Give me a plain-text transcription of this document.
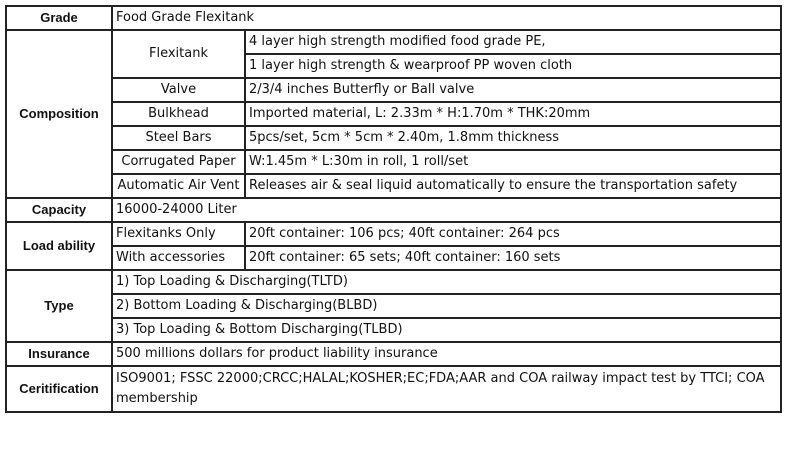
Grade	Food Grade Flexitank	
Composition	Flexitank	4 layer high strength modified food grade PE,
		1 layer high strength & wearproof PP woven cloth
	Valve	2/3/4 inches Butterfly or Ball valve
	Bulkhead	Imported material, L: 2.33m * H:1.70m * THK:20mm
	Steel Bars	5pcs/set, 5cm * 5cm * 2.40m, 1.8mm thickness
	Corrugated Paper	W:1.45m * L:30m in roll, 1 roll/set
	Automatic Air Vent	Releases air & seal liquid automatically to ensure the transportation safety
Capacity	16000-24000 Liter	
Load ability	Flexitanks Only	20ft container: 106 pcs; 40ft container: 264 pcs
	With accessories	20ft container: 65 sets; 40ft container: 160 sets
Type	1) Top Loading & Discharging(TLTD)	
	2) Bottom Loading & Discharging(BLBD)	
	3) Top Loading & Bottom Discharging(TLBD)	
Insurance	500 millions dollars for product liability insurance	
Ceritification	ISO9001; FSSC 22000;CRCC;HALAL;KOSHER;EC;FDA;AAR and COA railway impact test by TTCI; COA membership	
